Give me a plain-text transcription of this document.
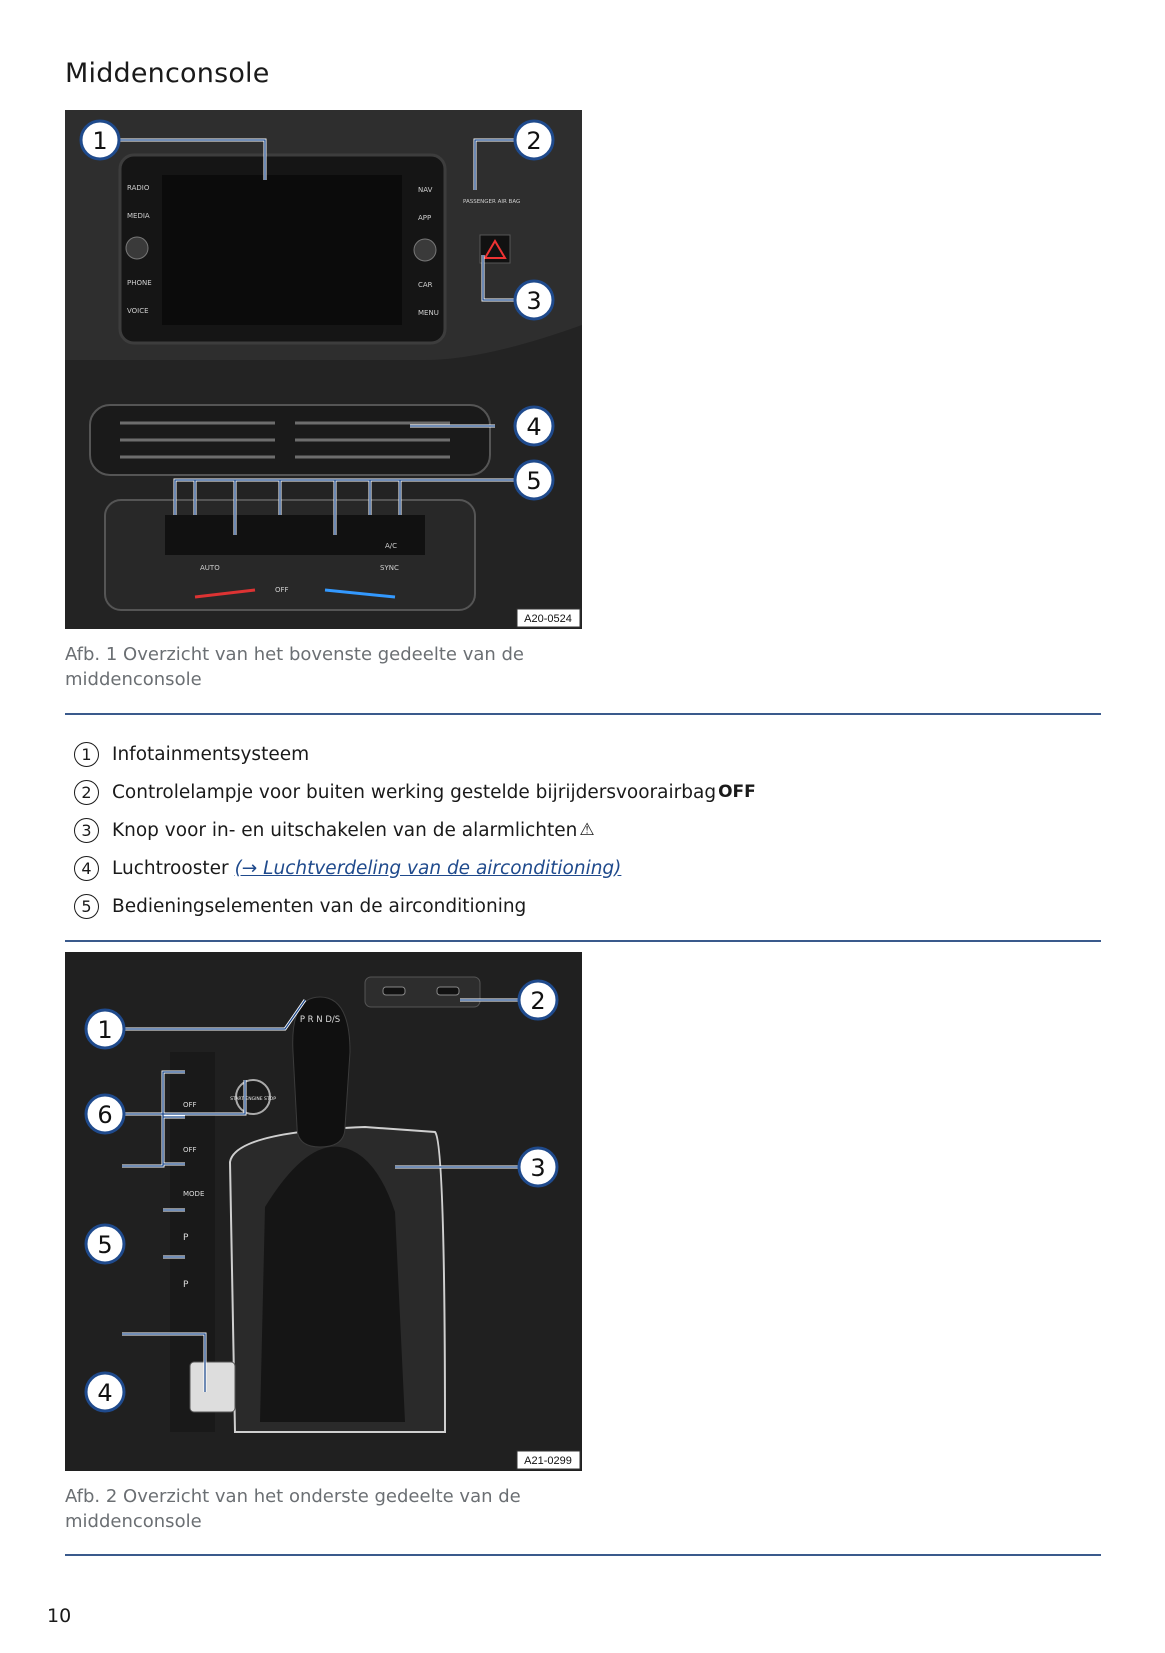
Middenconsole
RADIO
MEDIA
PHONE
VOICE
NAV
APP
CAR
MENU
PASSENGER AIR BAG
AUTO
A/C
SYNC
OFF
1	2
3
4
5
A20-0524
Afb. 1 Overzicht van het bovenste gedeelte van de middenconsole
1	Infotainmentsysteem
2	Controlelampje voor buiten werking gestelde bijrijdersvoorairbag OFF
3	Knop voor in- en uitschakelen van de alarmlichten ⚠
4	Luchtrooster (→ Luchtverdeling van de airconditioning)
5	Bedieningselementen van de airconditioning
P R N D/S
START ENGINE STOP
OFF
OFF
MODE
P
P
1
2
3
4
5
6
A21-0299
Afb. 2 Overzicht van het onderste gedeelte van de middenconsole
10
